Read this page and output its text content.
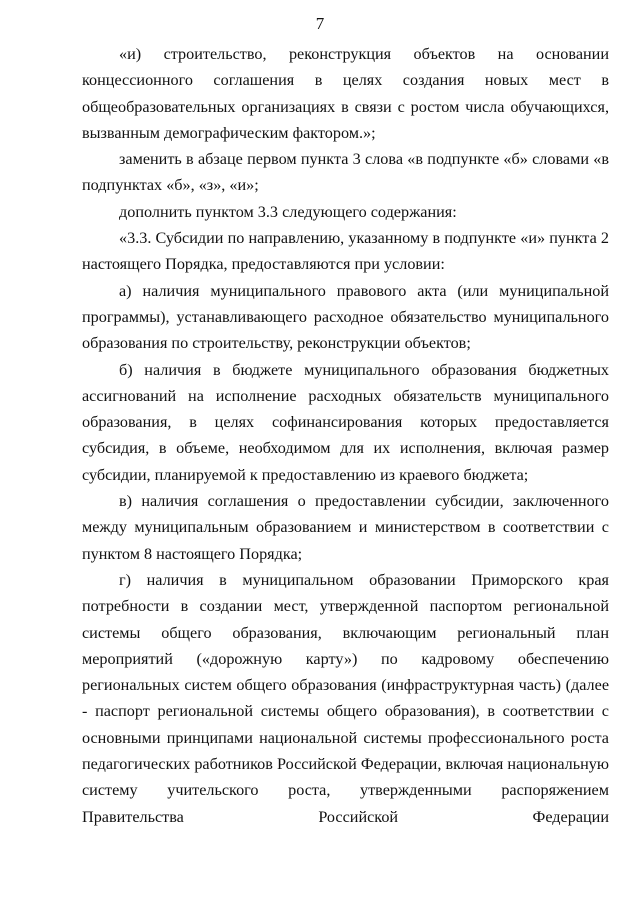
7

«и) строительство, реконструкция объектов на основании концессионного соглашения в целях создания новых мест в общеобразовательных организациях в связи с ростом числа обучающихся, вызванным демографическим фактором.»;

заменить в абзаце первом пункта 3 слова «в подпункте «б» словами «в подпунктах «б», «з», «и»;

дополнить пунктом 3.3 следующего содержания:

«3.3. Субсидии по направлению, указанному в подпункте «и» пункта 2 настоящего Порядка, предоставляются при условии:

а) наличия муниципального правового акта (или муниципальной программы), устанавливающего расходное обязательство муниципального образования по строительству, реконструкции объектов;

б) наличия в бюджете муниципального образования бюджетных ассигнований на исполнение расходных обязательств муниципального образования, в целях софинансирования которых предоставляется субсидия, в объеме, необходимом для их исполнения, включая размер субсидии, планируемой к предоставлению из краевого бюджета;

в) наличия соглашения о предоставлении субсидии, заключенного между муниципальным образованием и министерством в соответствии с пунктом 8 настоящего Порядка;

г) наличия в муниципальном образовании Приморского края потребности в создании мест, утвержденной паспортом региональной системы общего образования, включающим региональный план мероприятий («дорожную карту») по кадровому обеспечению региональных систем общего образования (инфраструктурная часть) (далее - паспорт региональной системы общего образования), в соответствии с основными принципами национальной системы профессионального роста педагогических работников Российской Федерации, включая национальную систему учительского роста, утвержденными распоряжением Правительства Российской Федерации
